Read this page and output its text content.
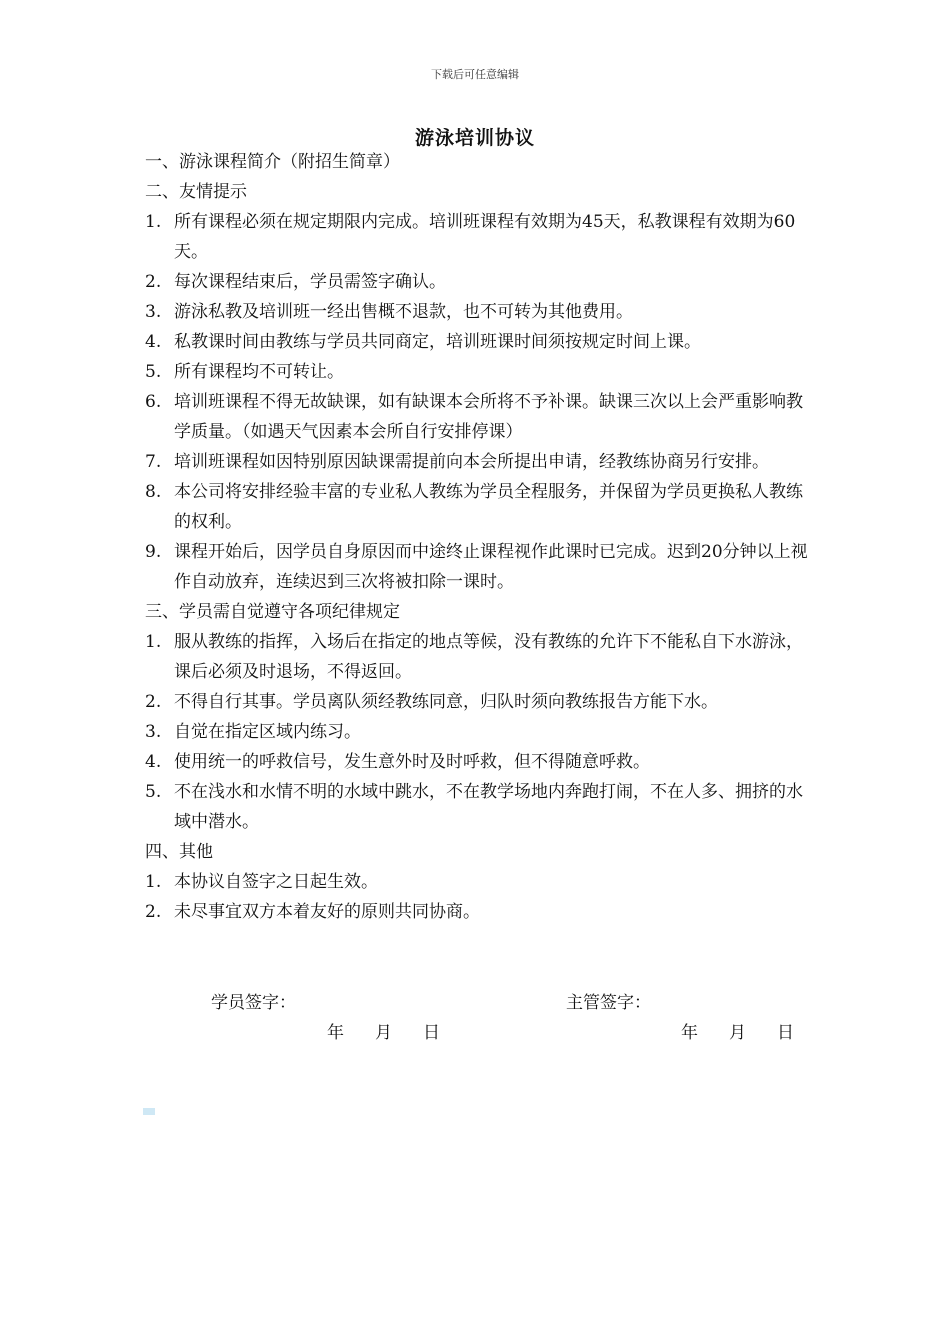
下载后可任意编辑
游泳培训协议
一、游泳课程简介（附招生简章）
二、友情提示
1. 所有课程必须在规定期限内完成。培训班课程有效期为45天，私教课程有效期为60天。
2. 每次课程结束后，学员需签字确认。
3. 游泳私教及培训班一经出售概不退款，也不可转为其他费用。
4. 私教课时间由教练与学员共同商定，培训班课时间须按规定时间上课。
5. 所有课程均不可转让。
6. 培训班课程不得无故缺课，如有缺课本会所将不予补课。缺课三次以上会严重影响教学质量。（如遇天气因素本会所自行安排停课）
7. 培训班课程如因特别原因缺课需提前向本会所提出申请，经教练协商另行安排。
8. 本公司将安排经验丰富的专业私人教练为学员全程服务，并保留为学员更换私人教练的权利。
9. 课程开始后，因学员自身原因而中途终止课程视作此课时已完成。迟到20分钟以上视作自动放弃，连续迟到三次将被扣除一课时。
三、学员需自觉遵守各项纪律规定
1. 服从教练的指挥，入场后在指定的地点等候，没有教练的允许下不能私自下水游泳，课后必须及时退场，不得返回。
2. 不得自行其事。学员离队须经教练同意，归队时须向教练报告方能下水。
3. 自觉在指定区域内练习。
4. 使用统一的呼救信号，发生意外时及时呼救，但不得随意呼救。
5. 不在浅水和水情不明的水域中跳水，不在教学场地内奔跑打闹，不在人多、拥挤的水域中潜水。
四、其他
1. 本协议自签字之日起生效。
2. 未尽事宜双方本着友好的原则共同协商。
学员签字：	主管签字：
年 月 日	年 月 日
